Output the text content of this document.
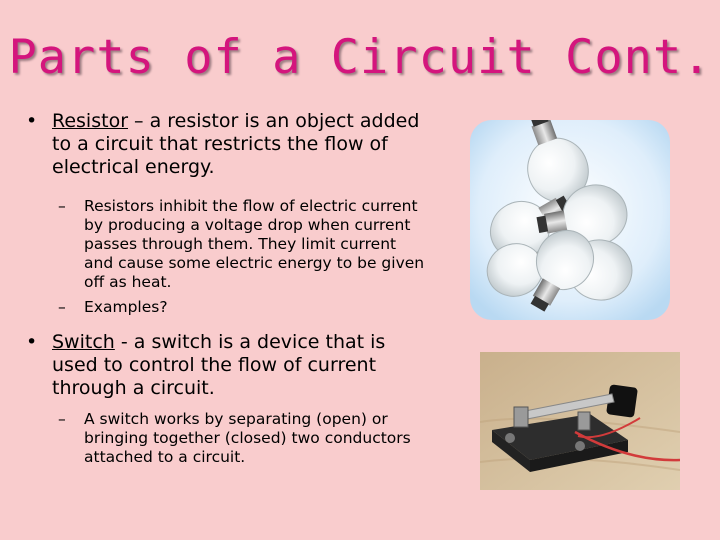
Parts of a Circuit Cont.
• Resistor – a resistor is an object added to a circuit that restricts the flow of electrical energy.
– Resistors inhibit the flow of electric current by producing a voltage drop when current passes through them. They limit current and cause some electric energy to be given off as heat.
– Examples?
• Switch - a switch is a device that is used to control the flow of current through a circuit.
– A switch works by separating (open) or bringing together (closed) two conductors attached to a circuit.
